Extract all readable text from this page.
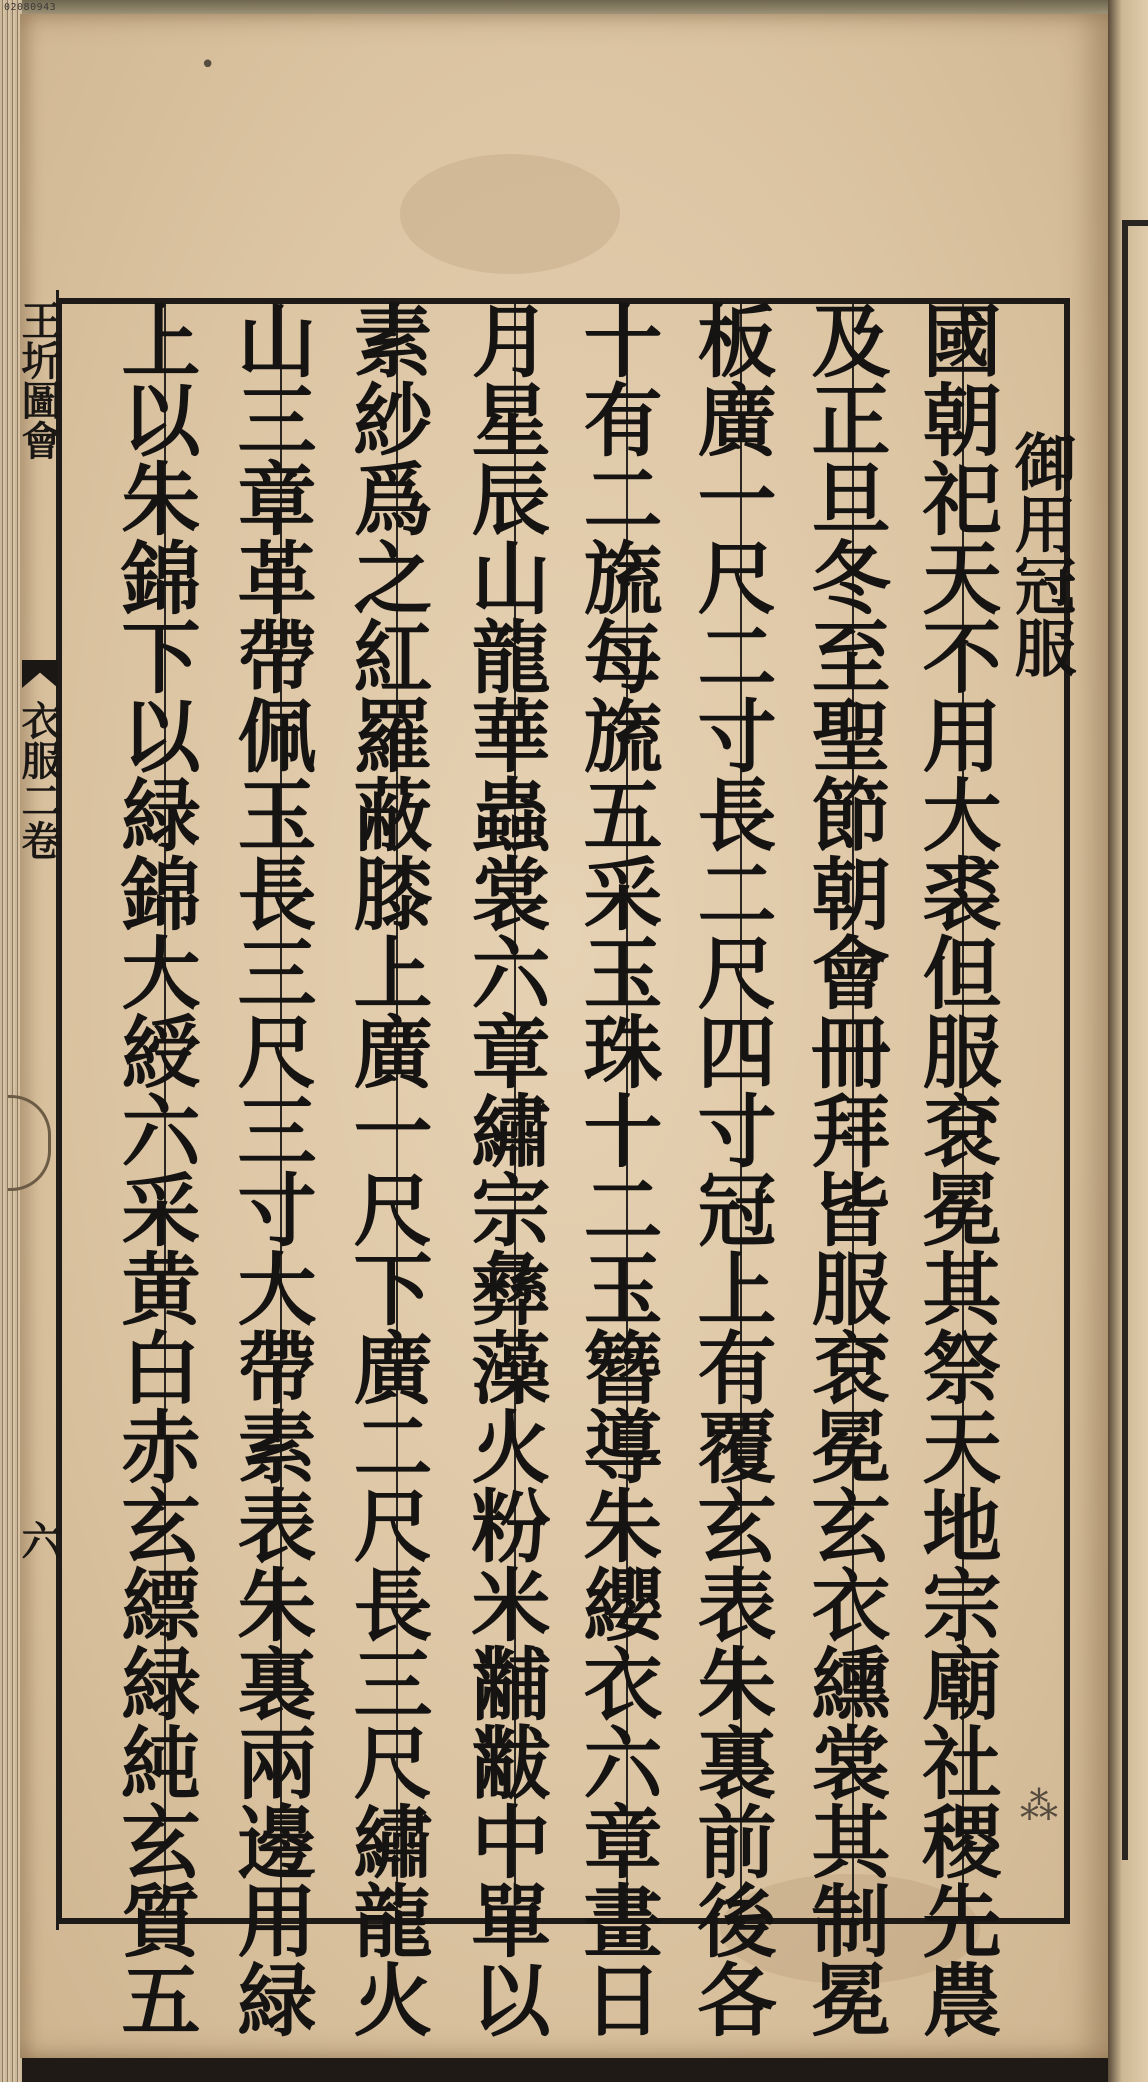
02080943
⁂
•
御用冠服
國朝祀天不用大裘但服袞冕其祭天地宗廟社稷先農
及正旦冬至聖節朝會冊拜皆服袞冕玄衣纁裳其制冕
板廣一尺二寸長二尺四寸冠上有覆玄表朱裏前後各
十有二旒每旒五采玉珠十二玉簪導朱纓衣六章畫日
月星辰山龍華蟲裳六章繡宗彝藻火粉米黼黻中單以
素紗爲之紅羅蔽膝上廣一尺下廣二尺長三尺繡龍火
山三章革帶佩玉長三尺三寸大帶素表朱裏兩邊用緑
上以朱錦下以緑錦大綬六采黄白赤玄縹緑純玄質五
王圻圖會
衣服二卷
六
